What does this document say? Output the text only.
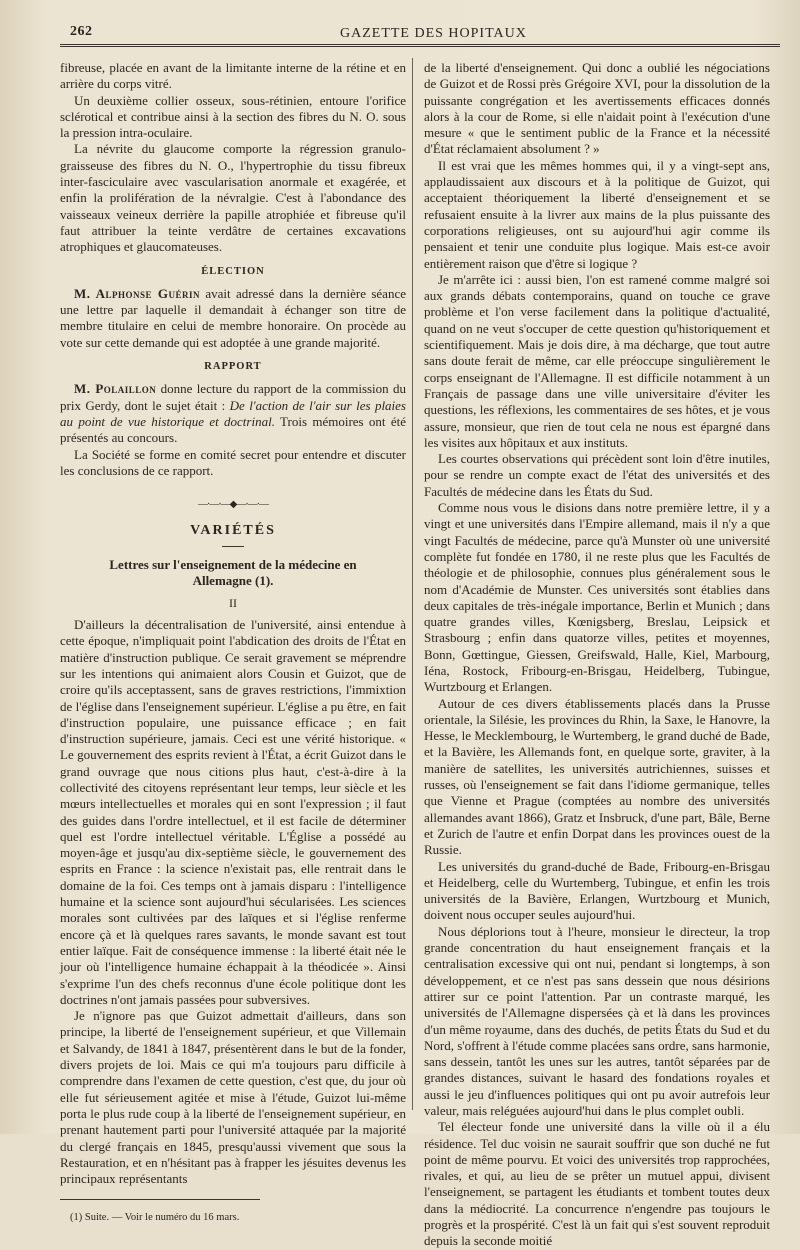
262	GAZETTE DES HOPITAUX

fibreuse, placée en avant de la limitante interne de la rétine et en arrière du corps vitré.

Un deuxième collier osseux, sous-rétinien, entoure l'orifice sclérotical et contribue ainsi à la section des fibres du N. O. sous la pression intra-oculaire.

La névrite du glaucome comporte la régression granulo-graisseuse des fibres du N. O., l'hypertrophie du tissu fibreux inter-fasciculaire avec vascularisation anormale et exagérée, et enfin la prolifération de la névralgie. C'est à l'abondance des vaisseaux veineux derrière la papille atrophiée et fibreuse qu'il faut attribuer la teinte verdâtre de certaines excavations atrophiques et glaucomateuses.

ÉLECTION

M. Alphonse Guérin avait adressé dans la dernière séance une lettre par laquelle il demandait à échanger son titre de membre titulaire en celui de membre honoraire. On procède au vote sur cette demande qui est adoptée à une grande majorité.

RAPPORT

M. Polaillon donne lecture du rapport de la commission du prix Gerdy, dont le sujet était : De l'action de l'air sur les plaies au point de vue historique et doctrinal. Trois mémoires ont été présentés au concours.

La Société se forme en comité secret pour entendre et discuter les conclusions de ce rapport.

—·—·—◆—·—·—
VARIÉTÉS
Lettres sur l'enseignement de la médecine en Allemagne (1).
II

D'ailleurs la décentralisation de l'université, ainsi entendue à cette époque, n'impliquait point l'abdication des droits de l'État en matière d'instruction publique. Ce serait gravement se méprendre sur les intentions qui animaient alors Cousin et Guizot, que de croire qu'ils acceptassent, sans de graves restrictions, l'immixtion de l'église dans l'enseignement supérieur. L'église a pu être, en fait d'instruction populaire, une puissance efficace ; en fait d'instruction supérieure, jamais. Ceci est une vérité historique. « Le gouvernement des esprits revient à l'État, a écrit Guizot dans le grand ouvrage que nous citions plus haut, c'est-à-dire à la collectivité des citoyens représentant leur temps, leur siècle et les mœurs intellectuelles et morales qui en sont l'expression ; il faut des guides dans l'ordre intellectuel, et il est facile de déterminer quel est l'ordre intellectuel véritable. L'Église a possédé au moyen-âge et jusqu'au dix-septième siècle, le gouvernement des esprits en France : la science n'existait pas, elle rentrait dans le domaine de la foi. Ces temps ont à jamais disparu : l'intelligence humaine et la science sont aujourd'hui sécularisées. Les sciences morales sont cultivées par des laïques et si l'église renferme encore çà et là quelques rares savants, le monde savant est tout entier laïque. Fait de conséquence immense : la liberté était née le jour où l'intelligence humaine échappait à la théodicée ». Ainsi s'exprime l'un des chefs reconnus d'une école politique dont les doctrines n'ont jamais passées pour subversives.

Je n'ignore pas que Guizot admettait d'ailleurs, dans son principe, la liberté de l'enseignement supérieur, et que Villemain et Salvandy, de 1841 à 1847, présentèrent dans le but de la fonder, divers projets de loi. Mais ce qui m'a toujours paru difficile à comprendre dans l'examen de cette question, c'est que, du jour où elle fut sérieusement agitée et mise à l'étude, Guizot lui-même porta le plus rude coup à la liberté de l'enseignement supérieur, en prenant hautement parti pour l'université attaquée par la majorité du clergé français en 1845, presqu'aussi vivement que sous la Restauration, et en n'hésitant pas à frapper les jésuites devenus les principaux représentants

(1) Suite. — Voir le numéro du 16 mars.

de la liberté d'enseignement. Qui donc a oublié les négociations de Guizot et de Rossi près Grégoire XVI, pour la dissolution de la puissante congrégation et les avertissements efficaces donnés alors à la cour de Rome, si elle n'aidait point à l'exécution d'une mesure « que le sentiment public de la France et la nécessité d'État réclamaient absolument ? »

Il est vrai que les mêmes hommes qui, il y a vingt-sept ans, applaudissaient aux discours et à la politique de Guizot, qui acceptaient théoriquement la liberté d'enseignement et se refusaient ensuite à la livrer aux mains de la plus puissante des corporations religieuses, ont su aujourd'hui agir comme ils pensaient et tenir une conduite plus logique. Mais est-ce avoir entièrement raison que d'être si logique ?

Je m'arrête ici : aussi bien, l'on est ramené comme malgré soi aux grands débats contemporains, quand on touche ce grave problème et l'on verse facilement dans la politique d'actualité, quand on ne veut s'occuper de cette question qu'historiquement et scientifiquement. Mais je dois dire, à ma décharge, que tout autre sans doute ferait de même, car elle préoccupe singulièrement le corps enseignant de l'Allemagne. Il est difficile notamment à un Français de passage dans une ville universitaire d'éviter les questions, les réflexions, les commentaires de ses hôtes, et je vous assure, monsieur, que rien de tout cela ne nous est épargné dans les visites aux hôpitaux et aux instituts.

Les courtes observations qui précèdent sont loin d'être inutiles, pour se rendre un compte exact de l'état des universités et des Facultés de médecine dans les États du Sud.

Comme nous vous le disions dans notre première lettre, il y a vingt et une universités dans l'Empire allemand, mais il n'y a que vingt Facultés de médecine, parce qu'à Munster où une université complète fut fondée en 1780, il ne reste plus que les Facultés de théologie et de philosophie, connues plus généralement sous le nom d'Académie de Munster. Ces universités sont établies dans deux capitales de très-inégale importance, Berlin et Munich ; dans quatre grandes villes, Kœnigsberg, Breslau, Leipsick et Strasbourg ; enfin dans quatorze villes, petites et moyennes, Bonn, Gœttingue, Giessen, Greifswald, Halle, Kiel, Marbourg, Iéna, Rostock, Fribourg-en-Brisgau, Heidelberg, Tubingue, Wurtzbourg et Erlangen.

Autour de ces divers établissements placés dans la Prusse orientale, la Silésie, les provinces du Rhin, la Saxe, le Hanovre, la Hesse, le Mecklembourg, le Wurtemberg, le grand duché de Bade, et la Bavière, les Allemands font, en quelque sorte, graviter, à la manière de satellites, les universités autrichiennes, suisses et russes, où l'enseignement se fait dans l'idiome germanique, telles que Vienne et Prague (comptées au nombre des universités allemandes avant 1866), Gratz et Insbruck, d'une part, Bâle, Berne et Zurich de l'autre et enfin Dorpat dans les provinces ouest de la Russie.

Les universités du grand-duché de Bade, Fribourg-en-Brisgau et Heidelberg, celle du Wurtemberg, Tubingue, et enfin les trois universités de la Bavière, Erlangen, Wurtzbourg et Munich, doivent nous occuper seules aujourd'hui.

Nous déplorions tout à l'heure, monsieur le directeur, la trop grande concentration du haut enseignement français et la centralisation excessive qui ont nui, pendant si longtemps, à son développement, et ce n'est pas sans dessein que nous désirions attirer sur ce point l'attention. Par un contraste marqué, les universités de l'Allemagne dispersées çà et là dans les provinces d'un même royaume, dans des duchés, de petits États du Sud et du Nord, s'offrent à l'étude comme placées sans ordre, sans harmonie, sans dessein, tantôt les unes sur les autres, tantôt séparées par de grandes distances, suivant le hasard des fondations royales et aussi le jeu d'influences politiques qui ont pu avoir autrefois leur valeur, mais reléguées aujourd'hui dans le plus complet oubli.

Tel électeur fonde une université dans la ville où il a élu résidence. Tel duc voisin ne saurait souffrir que son duché ne fut point de même pourvu. Et voici des universités trop rapprochées, rivales, et qui, au lieu de se prêter un mutuel appui, divisent l'enseignement, se partagent les étudiants et tombent toutes deux dans la médiocrité. La concurrence n'engendre pas toujours le progrès et la prospérité. C'est là un fait qui s'est souvent reproduit depuis la seconde moitié
